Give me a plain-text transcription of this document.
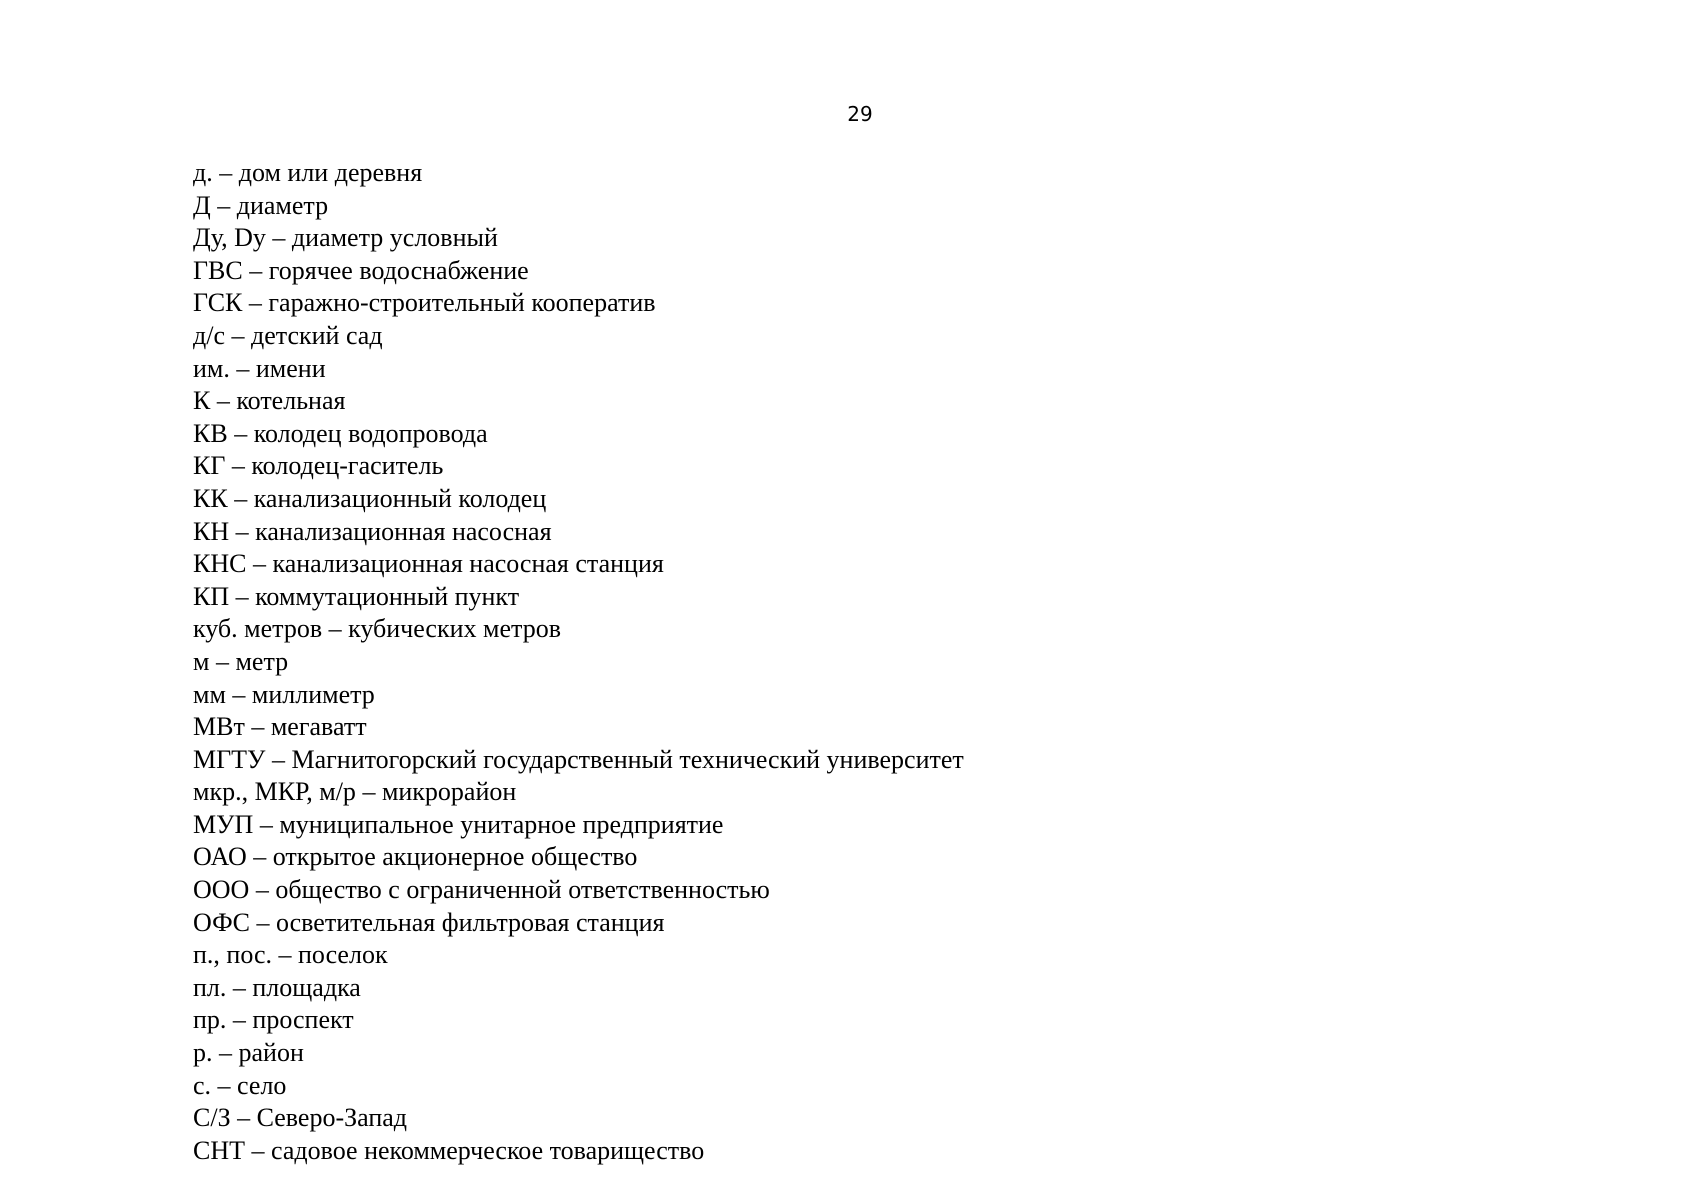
29
д. – дом или деревня
Д – диаметр
Ду, Dу – диаметр условный
ГВС – горячее водоснабжение
ГСК – гаражно-строительный кооператив
д/с – детский сад
им. – имени
К – котельная
КВ – колодец водопровода
КГ – колодец-гаситель
КК – канализационный колодец
КН – канализационная насосная
КНС – канализационная насосная станция
КП – коммутационный пункт
куб. метров – кубических метров
м – метр
мм – миллиметр
МВт – мегаватт
МГТУ – Магнитогорский государственный технический университет
мкр., МКР, м/р – микрорайон
МУП – муниципальное унитарное предприятие
ОАО – открытое акционерное общество
ООО – общество с ограниченной ответственностью
ОФС – осветительная фильтровая станция
п., пос. – поселок
пл. – площадка
пр. – проспект
р. – район
с. – село
С/З – Северо-Запад
СНТ – садовое некоммерческое товарищество
